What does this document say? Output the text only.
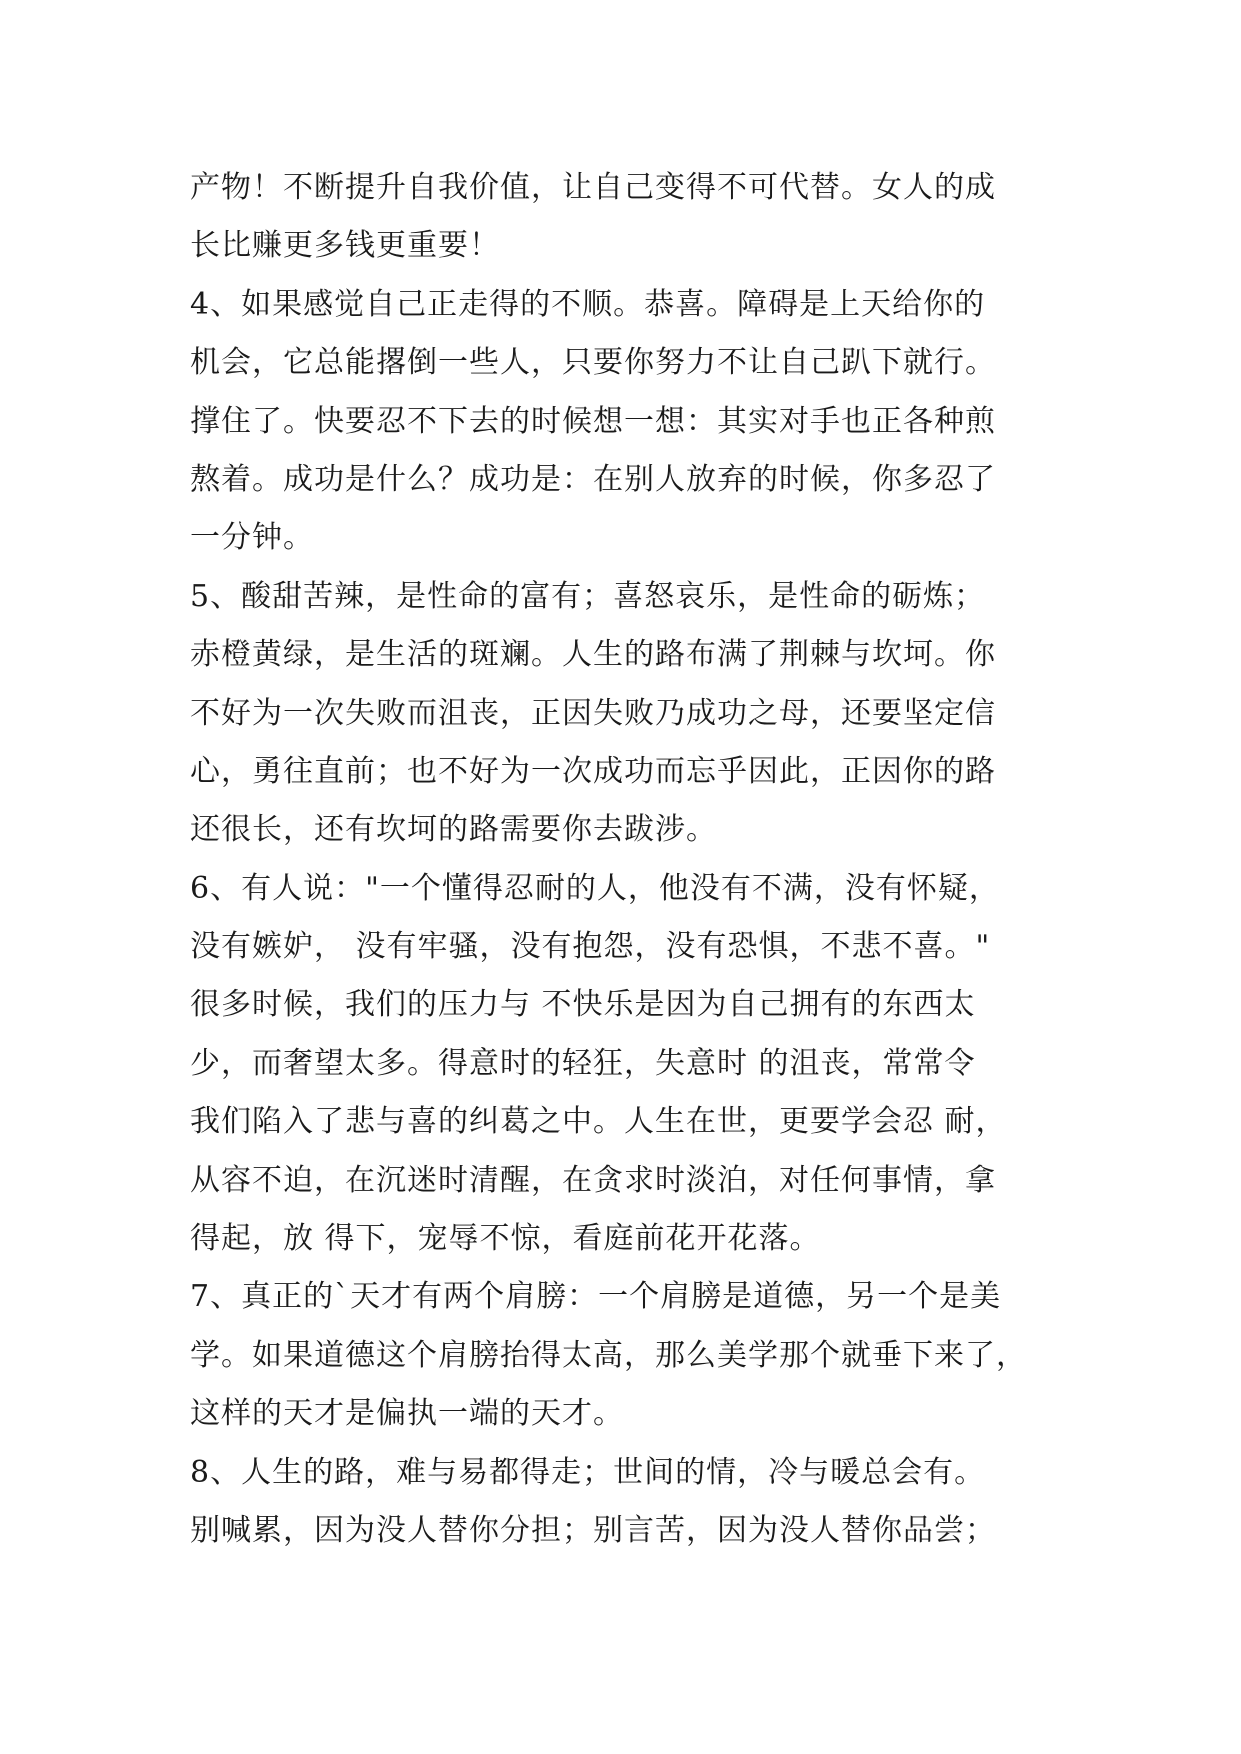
产物！不断提升自我价值，让自己变得不可代替。女人的成
长比赚更多钱更重要！
4、如果感觉自己正走得的不顺。恭喜。障碍是上天给你的
机会，它总能撂倒一些人，只要你努力不让自己趴下就行。
撑住了。快要忍不下去的时候想一想：其实对手也正各种煎
熬着。成功是什么？成功是：在别人放弃的时候，你多忍了
一分钟。
5、酸甜苦辣，是性命的富有；喜怒哀乐，是性命的砺炼；
赤橙黄绿，是生活的斑斓。人生的路布满了荆棘与坎坷。你
不好为一次失败而沮丧，正因失败乃成功之母，还要坚定信
心，勇往直前；也不好为一次成功而忘乎因此，正因你的路
还很长，还有坎坷的路需要你去跋涉。
6、有人说："一个懂得忍耐的人，他没有不满，没有怀疑，
没有嫉妒， 没有牢骚，没有抱怨，没有恐惧，不悲不喜。"
很多时候，我们的压力与 不快乐是因为自己拥有的东西太
少，而奢望太多。得意时的轻狂，失意时 的沮丧，常常令
我们陷入了悲与喜的纠葛之中。人生在世，更要学会忍 耐，
从容不迫，在沉迷时清醒，在贪求时淡泊，对任何事情，拿
得起，放 得下，宠辱不惊，看庭前花开花落。
7、真正的`天才有两个肩膀：一个肩膀是道德，另一个是美
学。如果道德这个肩膀抬得太高，那么美学那个就垂下来了，
这样的天才是偏执一端的天才。
8、人生的路，难与易都得走；世间的情，冷与暖总会有。
别喊累，因为没人替你分担；别言苦，因为没人替你品尝；
